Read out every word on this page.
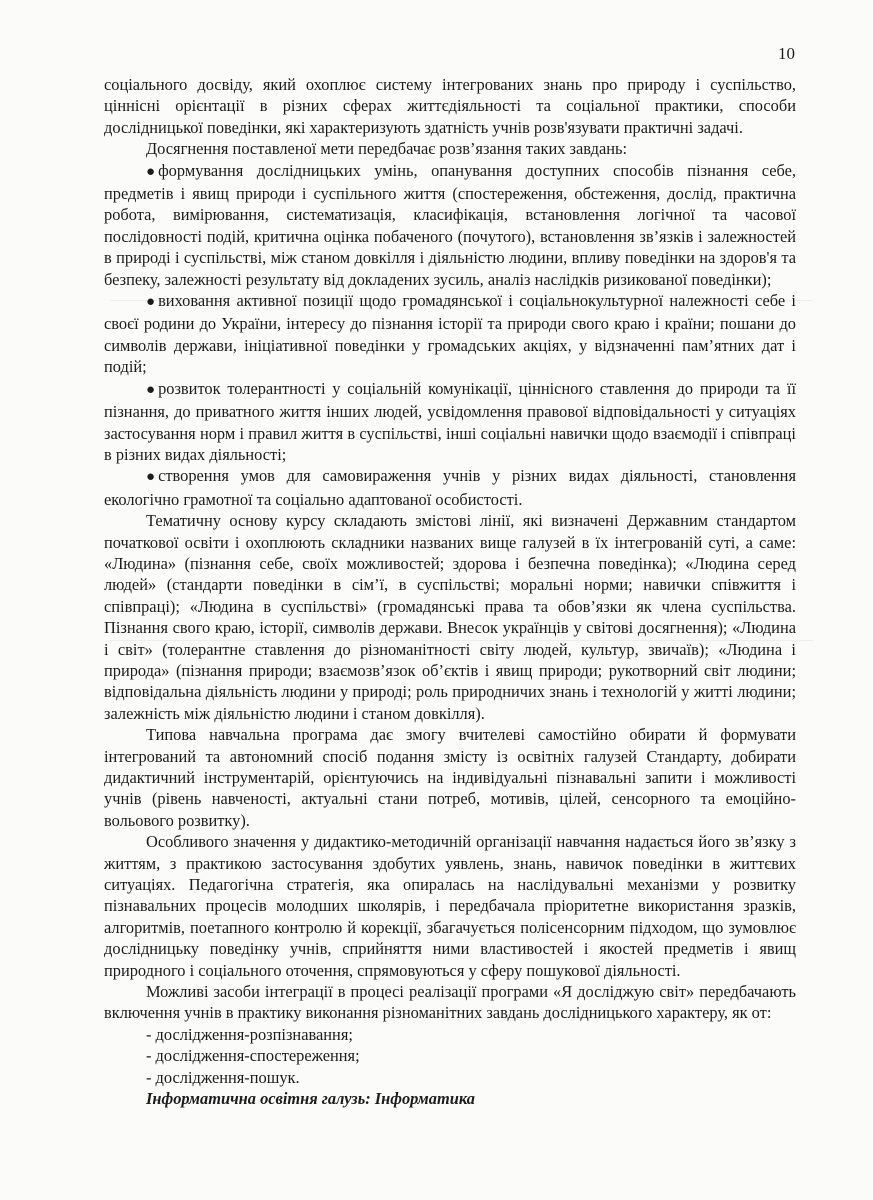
10

соціального досвіду, який охоплює систему інтегрованих знань про природу і суспільство, ціннісні орієнтації в різних сферах життєдіяльності та соціальної практики, способи дослідницької поведінки, які характеризують здатність учнів розв'язувати практичні задачі.

Досягнення поставленої мети передбачає розв’язання таких завдань:

● формування дослідницьких умінь, опанування доступних способів пізнання себе, предметів і явищ природи і суспільного життя (спостереження, обстеження, дослід, практична робота, вимірювання, систематизація, класифікація, встановлення логічної та часової послідовності подій, критична оцінка побаченого (почутого), встановлення зв’язків і залежностей в природі і суспільстві, між станом довкілля і діяльністю людини, впливу поведінки на здоров'я та безпеку, залежності результату від докладених зусиль, аналіз наслідків ризикованої поведінки);

● виховання активної позиції щодо громадянської і соціальнокультурної належності себе і своєї родини до України, інтересу до пізнання історії та природи свого краю і країни; пошани до символів держави, ініціативної поведінки у громадських акціях, у відзначенні пам’ятних дат і подій;

● розвиток толерантності у соціальній комунікації, ціннісного ставлення до природи та її пізнання, до приватного життя інших людей, усвідомлення правової відповідальності у ситуаціях застосування норм і правил життя в суспільстві, інші соціальні навички щодо взаємодії і співпраці в різних видах діяльності;

● створення умов для самовираження учнів у різних видах діяльності, становлення екологічно грамотної та соціально адаптованої особистості.

Тематичну основу курсу складають змістові лінії, які визначені Державним стандартом початкової освіти і охоплюють складники названих вище галузей в їх інтегрованій суті, а саме: «Людина» (пізнання себе, своїх можливостей; здорова і безпечна поведінка); «Людина серед людей» (стандарти поведінки в сім’ї, в суспільстві; моральні норми; навички співжиття і співпраці); «Людина в суспільстві» (громадянські права та обов’язки як члена суспільства. Пізнання свого краю, історії, символів держави. Внесок українців у світові досягнення); «Людина і світ» (толерантне ставлення до різноманітності світу людей, культур, звичаїв); «Людина і природа» (пізнання природи; взаємозв’язок об’єктів і явищ природи; рукотворний світ людини; відповідальна діяльність людини у природі; роль природничих знань і технологій у житті людини; залежність між діяльністю людини і станом довкілля).

Типова навчальна програма дає змогу вчителеві самостійно обирати й формувати інтегрований та автономний спосіб подання змісту із освітніх галузей Стандарту, добирати дидактичний інструментарій, орієнтуючись на індивідуальні пізнавальні запити і можливості учнів (рівень навченості, актуальні стани потреб, мотивів, цілей, сенсорного та емоційно-вольового розвитку).

Особливого значення у дидактико-методичній організації навчання надається його зв’язку з життям, з практикою застосування здобутих уявлень, знань, навичок поведінки в життєвих ситуаціях. Педагогічна стратегія, яка опиралась на наслідувальні механізми у розвитку пізнавальних процесів молодших школярів, і передбачала пріоритетне використання зразків, алгоритмів, поетапного контролю й корекції, збагачується полісенсорним підходом, що зумовлює дослідницьку поведінку учнів, сприйняття ними властивостей і якостей предметів і явищ природного і соціального оточення, спрямовуються у сферу пошукової діяльності.

Можливі засоби інтеграції в процесі реалізації програми «Я досліджую світ» передбачають включення учнів в практику виконання різноманітних завдань дослідницького характеру, як от:

- дослідження-розпізнавання;

- дослідження-спостереження;

- дослідження-пошук.

Інформатична освітня галузь: Інформатика
